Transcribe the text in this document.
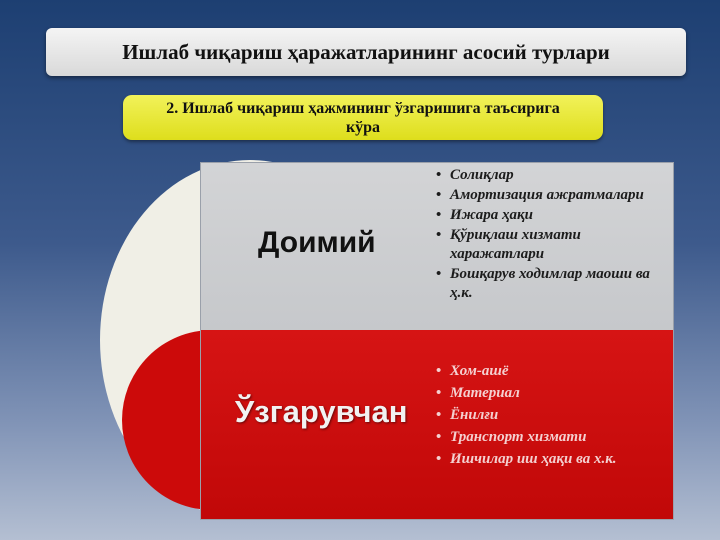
Ишлаб чиқариш ҳаражатларининг асосий турлари
2. Ишлаб чиқариш ҳажмининг ўзгаришига таъсирига кўра
Доимий
Ўзгарувчан
• Солиқлар
• Амортизация ажратмалари
• Ижара ҳақи
• Қўриқлаш хизмати харажатлари
• Бошқарув ходимлар маоши ва ҳ.к.
• Хом-ашё
• Материал
• Ёнилғи
• Транспорт хизмати
• Ишчилар иш ҳақи ва х.к.
